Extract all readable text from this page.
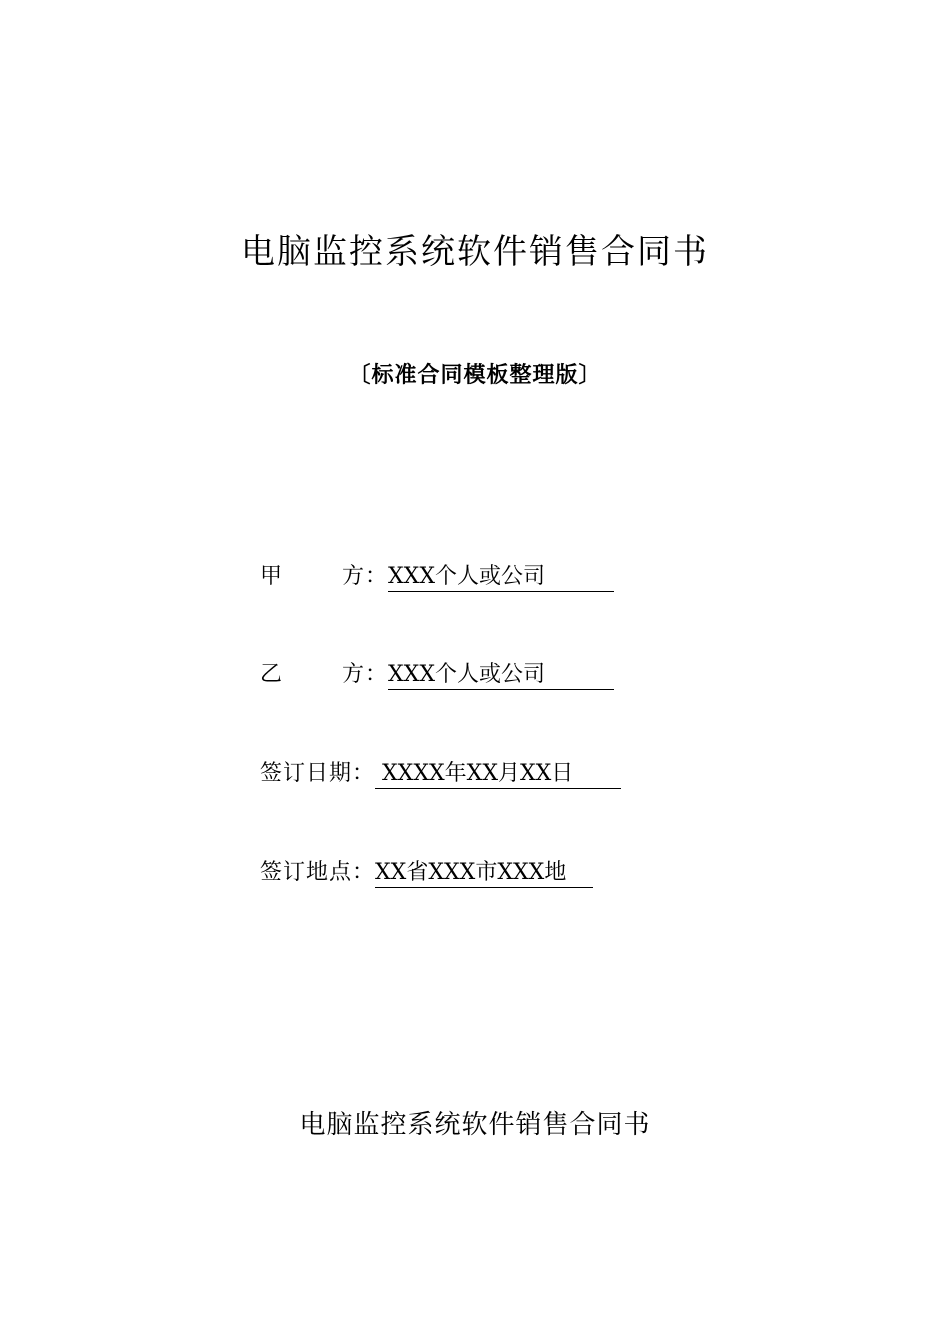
电脑监控系统软件销售合同书
〔标准合同模板整理版〕
甲	方： XXX个人或公司
乙	方： XXX个人或公司
签订日期： XXXX年XX月XX日
签订地点：XX省XXX市XXX地
电脑监控系统软件销售合同书
